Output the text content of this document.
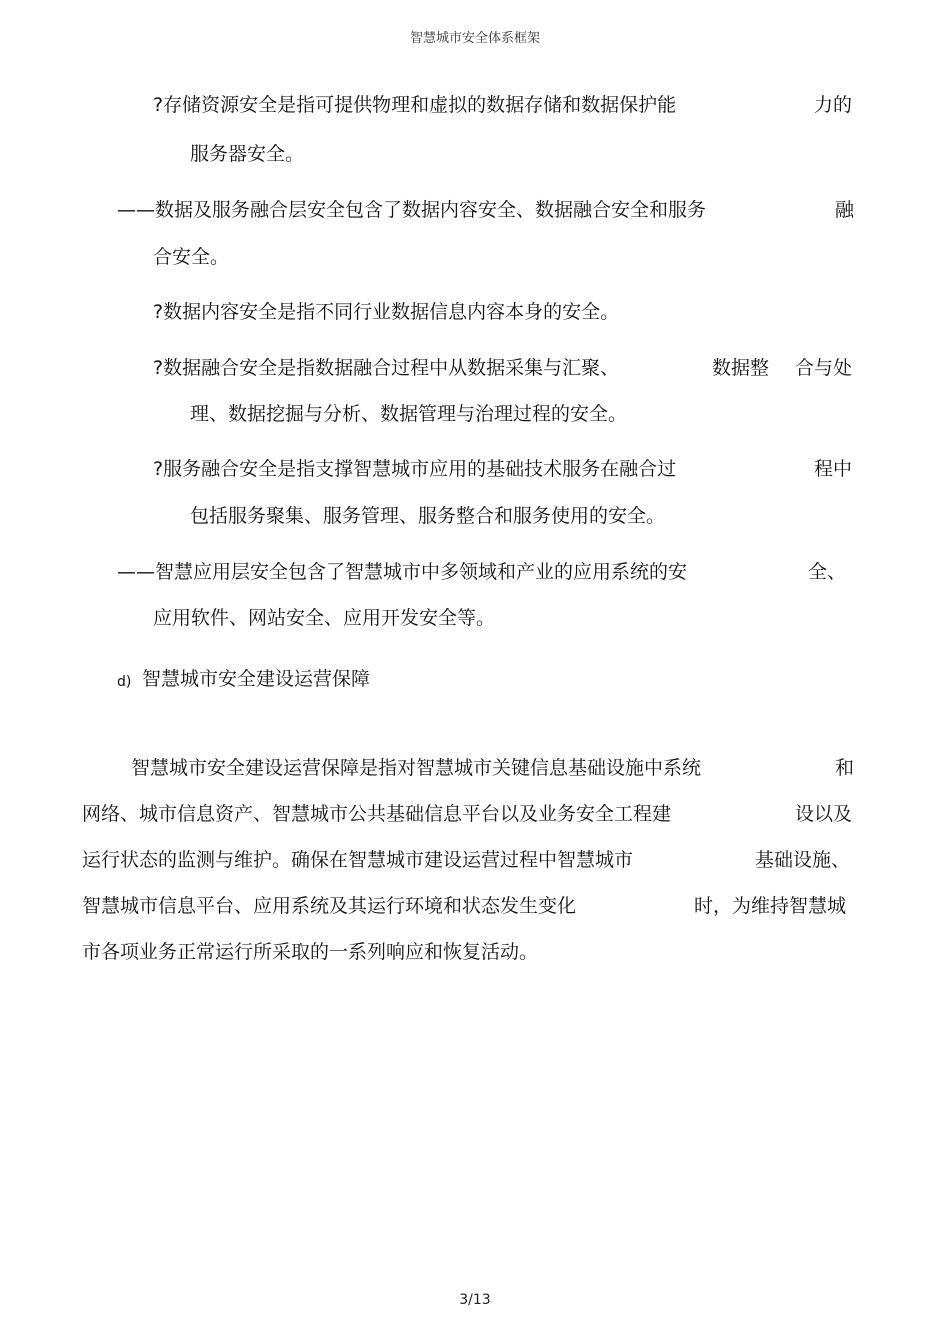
智慧城市安全体系框架
?存储资源安全是指可提供物理和虚拟的数据存储和数据保护能	力的
服务器安全。
——数据及服务融合层安全包含了数据内容安全、数据融合安全和服务	融
合安全。
?数据内容安全是指不同行业数据信息内容本身的安全。
?数据融合安全是指数据融合过程中从数据采集与汇聚、	数据整 合与处
理、数据挖掘与分析、数据管理与治理过程的安全。
?服务融合安全是指支撑智慧城市应用的基础技术服务在融合过	程中
包括服务聚集、服务管理、服务整合和服务使用的安全。
——智慧应用层安全包含了智慧城市中多领域和产业的应用系统的安	全、
应用软件、网站安全、应用开发安全等。
d) 智慧城市安全建设运营保障
智慧城市安全建设运营保障是指对智慧城市关键信息基础设施中系统	和
网络、城市信息资产、智慧城市公共基础信息平台以及业务安全工程建	设以及
运行状态的监测与维护。确保在智慧城市建设运营过程中智慧城市	基础设施、
智慧城市信息平台、应用系统及其运行环境和状态发生变化	时，为维持智慧城
市各项业务正常运行所采取的一系列响应和恢复活动。
3/13
